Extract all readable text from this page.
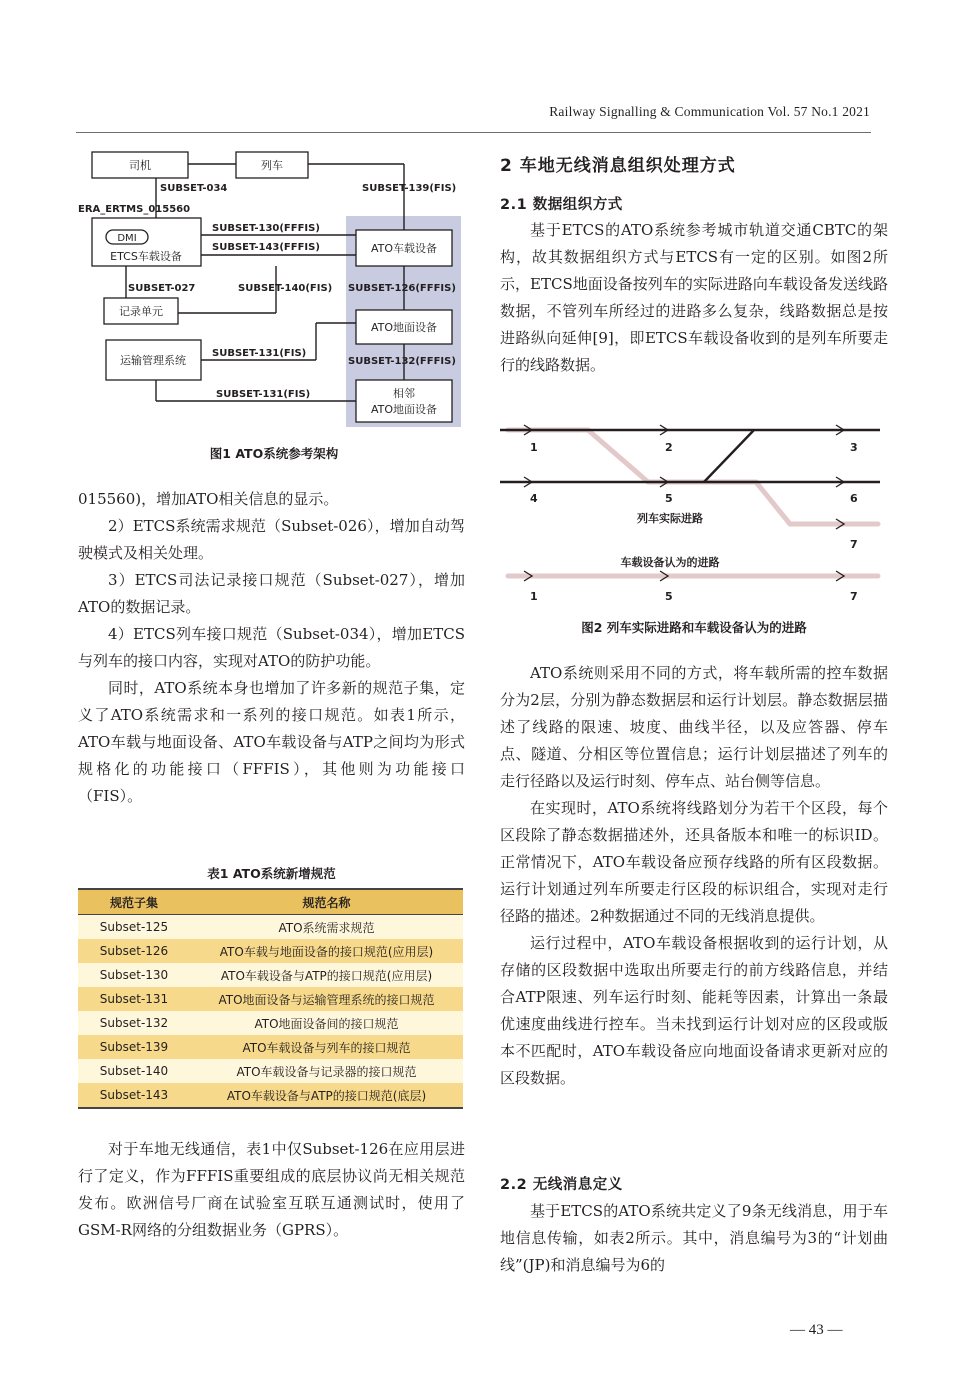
Railway Signalling & Communication Vol. 57 No.1 2021
司机	列车
DMI
ETCS车载设备
记录单元
运输管理系统
ATO车载设备
ATO地面设备
相邻
ATO地面设备
SUBSET-034	SUBSET-139(FIS)
ERA_ERTMS_015560
SUBSET-130(FFFIS)
SUBSET-143(FFFIS)
SUBSET-027	SUBSET-140(FIS) SUBSET-126(FFFIS)
SUBSET-131(FIS)
SUBSET-132(FFFIS)
SUBSET-131(FIS)
图1 ATO系统参考架构

015560)，增加ATO相关信息的显示。

2）ETCS系统需求规范（Subset-026），增加自动驾驶模式及相关处理。

3）ETCS司法记录接口规范（Subset-027），增加ATO的数据记录。

4）ETCS列车接口规范（Subset-034），增加ETCS与列车的接口内容，实现对ATO的防护功能。

同时，ATO系统本身也增加了许多新的规范子集，定义了ATO系统需求和一系列的接口规范。如表1所示，ATO车载与地面设备、ATO车载设备与ATP之间均为形式规格化的功能接口（FFFIS），其他则为功能接口（FIS）。

表1 ATO系统新增规范
规范子集	规范名称
Subset-125	ATO系统需求规范
Subset-126	ATO车载与地面设备的接口规范(应用层)
Subset-130	ATO车载设备与ATP的接口规范(应用层)
Subset-131	ATO地面设备与运输管理系统的接口规范
Subset-132	ATO地面设备间的接口规范
Subset-139	ATO车载设备与列车的接口规范
Subset-140	ATO车载设备与记录器的接口规范
Subset-143	ATO车载设备与ATP的接口规范(底层)

对于车地无线通信，表1中仅Subset-126在应用层进行了定义，作为FFFIS重要组成的底层协议尚无相关规范发布。欧洲信号厂商在试验室互联互通测试时，使用了GSM-R网络的分组数据业务（GPRS）。

2 车地无线消息组织处理方式
2.1 数据组织方式

基于ETCS的ATO系统参考城市轨道交通CBTC的架构，故其数据组织方式与ETCS有一定的区别。如图2所示，ETCS地面设备按列车的实际进路向车载设备发送线路数据，不管列车所经过的进路多么复杂，线路数据总是按进路纵向延伸[9]，即ETCS车载设备收到的是列车所要走行的线路数据。

1	2	3
4	5	6
7
1	5	7
列车实际进路
车载设备认为的进路
图2 列车实际进路和车载设备认为的进路

ATO系统则采用不同的方式，将车载所需的控车数据分为2层，分别为静态数据层和运行计划层。静态数据层描述了线路的限速、坡度、曲线半径，以及应答器、停车点、隧道、分相区等位置信息；运行计划层描述了列车的走行径路以及运行时刻、停车点、站台侧等信息。

在实现时，ATO系统将线路划分为若干个区段，每个区段除了静态数据描述外，还具备版本和唯一的标识ID。正常情况下，ATO车载设备应预存线路的所有区段数据。运行计划通过列车所要走行区段的标识组合，实现对走行径路的描述。2种数据通过不同的无线消息提供。

运行过程中，ATO车载设备根据收到的运行计划，从存储的区段数据中选取出所要走行的前方线路信息，并结合ATP限速、列车运行时刻、能耗等因素，计算出一条最优速度曲线进行控车。当未找到运行计划对应的区段或版本不匹配时，ATO车载设备应向地面设备请求更新对应的区段数据。

2.2 无线消息定义

基于ETCS的ATO系统共定义了9条无线消息，用于车地信息传输，如表2所示。其中，消息编号为3的“计划曲线”(JP)和消息编号为6的

— 43 —
